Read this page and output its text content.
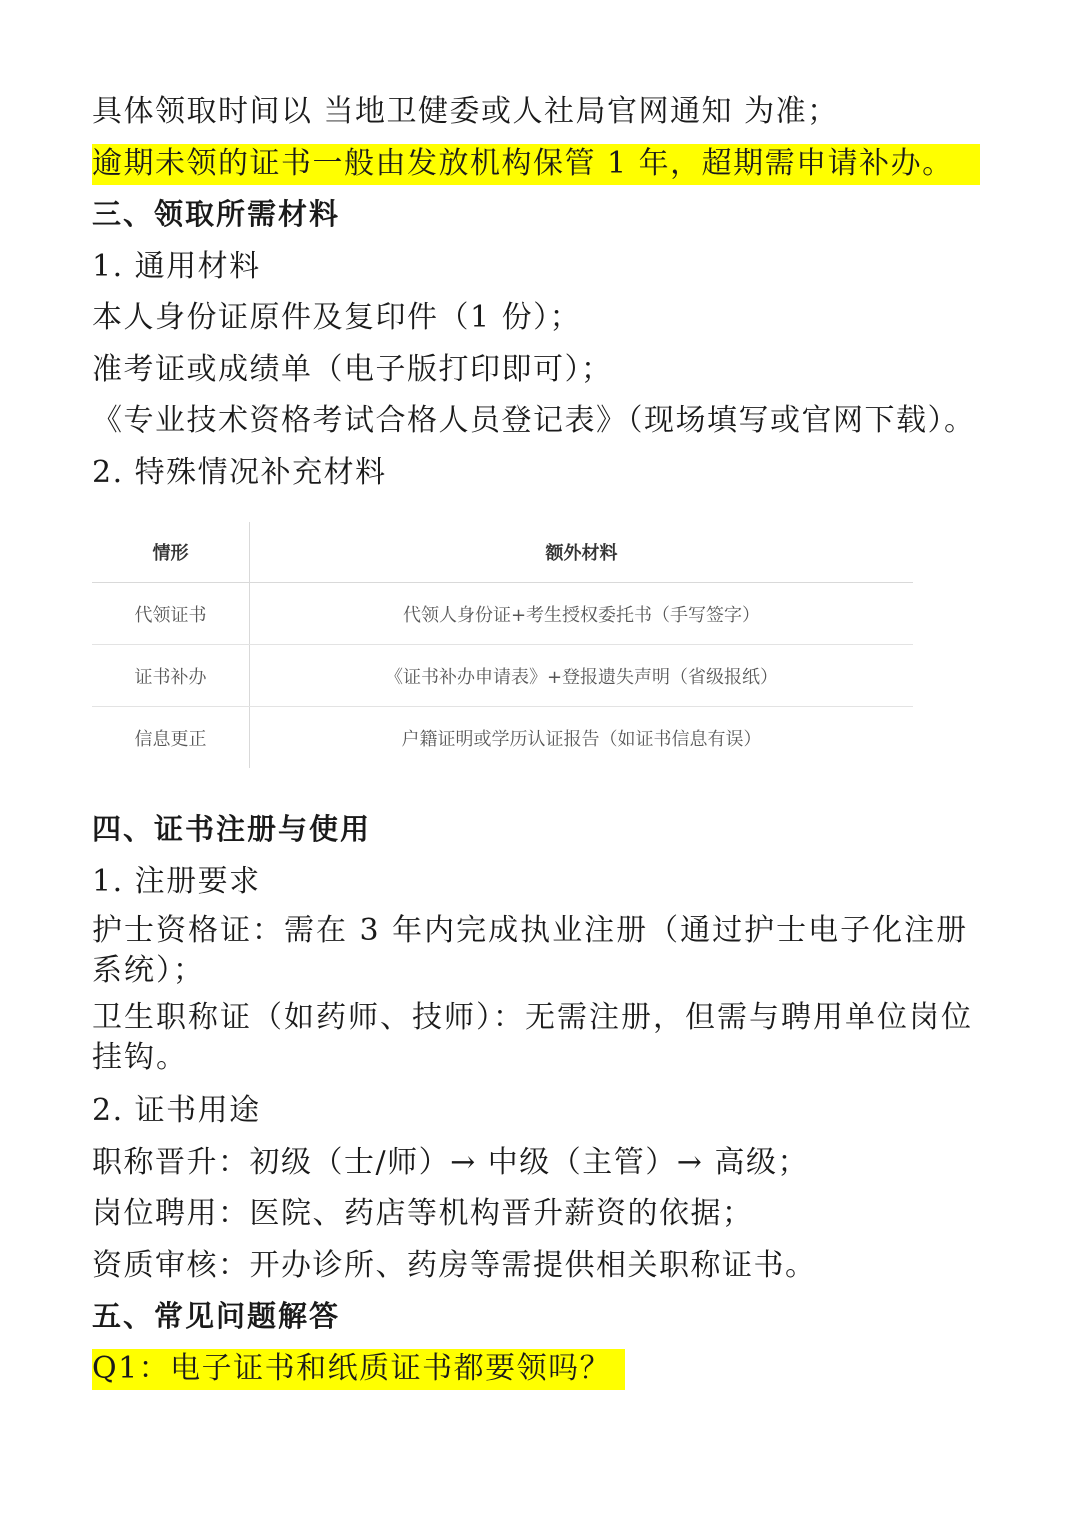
具体领取时间以 当地卫健委或人社局官网通知 为准；
逾期未领的证书一般由发放机构保管 1 年，超期需申请补办。
三、领取所需材料
1. 通用材料
本人身份证原件及复印件（1 份）；
准考证或成绩单（电子版打印即可）；
《专业技术资格考试合格人员登记表》（现场填写或官网下载）。
2. 特殊情况补充材料
情形	额外材料
代领证书	代领人身份证+考生授权委托书（手写签字）
证书补办	《证书补办申请表》+登报遗失声明（省级报纸）
信息更正	户籍证明或学历认证报告（如证书信息有误）
四、证书注册与使用
1. 注册要求
护士资格证：需在 3 年内完成执业注册（通过护士电子化注册系统）；
卫生职称证（如药师、技师）：无需注册，但需与聘用单位岗位挂钩。
2. 证书用途
职称晋升：初级（士/师）→ 中级（主管）→ 高级；
岗位聘用：医院、药店等机构晋升薪资的依据；
资质审核：开办诊所、药房等需提供相关职称证书。
五、常见问题解答
Q1：电子证书和纸质证书都要领吗？
